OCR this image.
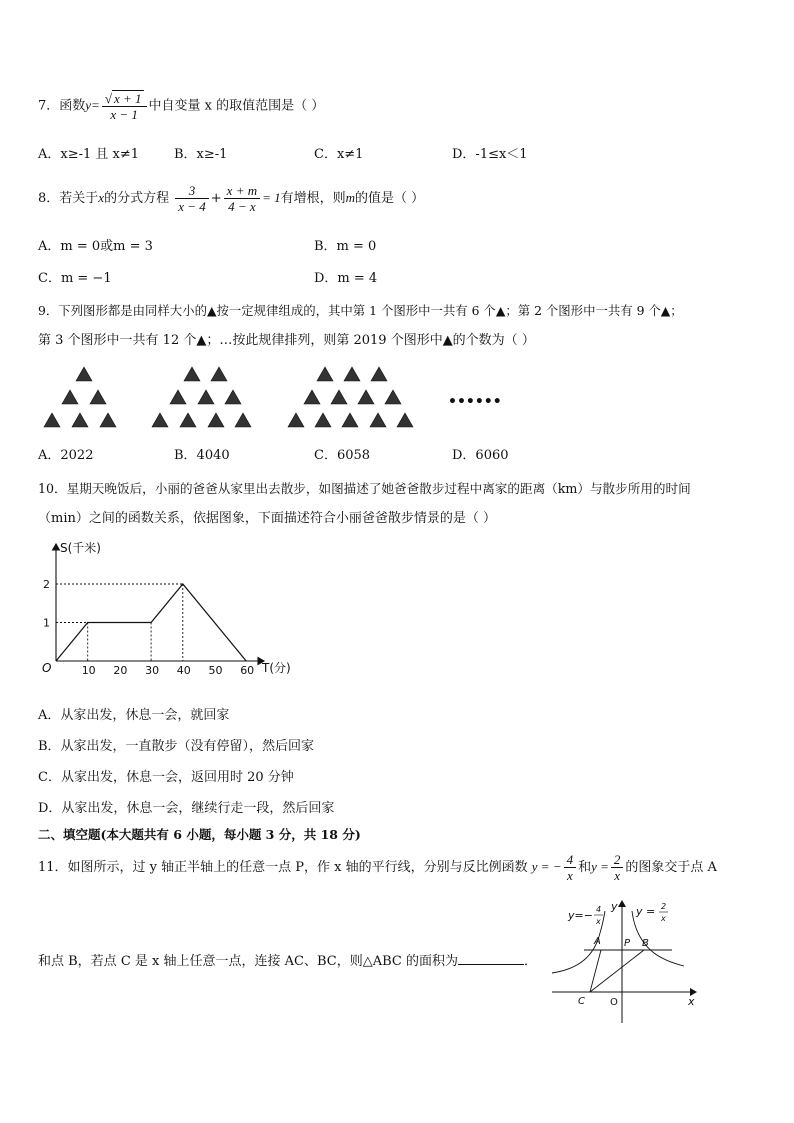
7．函数$y= \frac{√ x + 1}{x - 1}$ 中自变量 x 的取值范围是（ ）
A．x≥-1 且 x≠1	B．x≥-1	C．x≠1	D．-1≤x＜1
8．若关于x的分式方程 $\frac{3}{x - 4} + \frac{x + m}{4 - x} = 1$有增根，则m的值是（ ）
A．m = 0或m = 3	B．m = 0
C．m = −1	D．m = 4
9．下列图形都是由同样大小的▲按一定规律组成的，其中第 1 个图形中一共有 6 个▲；第 2 个图形中一共有 9 个▲；
第 3 个图形中一共有 12 个▲；…按此规律排列，则第 2019 个图形中▲的个数为（ ）
••••••
A．2022	B．4040	C．6058	D．6060
10．星期天晚饭后，小丽的爸爸从家里出去散步，如图描述了她爸爸散步过程中离家的距离（km）与散步所用的时间
（min）之间的函数关系，依据图象，下面描述符合小丽爸爸散步情景的是（ ）
S(千米)
T(分)
O	10 20 30 40 50 60
1
2
A．从家出发，休息一会，就回家
B．从家出发，一直散步（没有停留），然后回家
C．从家出发，休息一会，返回用时 20 分钟
D．从家出发，休息一会，继续行走一段，然后回家
二、填空题(本大题共有 6 小题，每小题 3 分，共 18 分)
11．如图所示，过 y 轴正半轴上的任意一点 P，作 x 轴的平行线，分别与反比例函数 y = − $\frac{4}{x}$ 和$y = \frac{2}{x}$ 的图象交于点 A
和点 B，若点 C 是 x 轴上任意一点，连接 AC、BC，则△ABC 的面积为	．
y=− 4
x
y y = 2
x
A P B
C	O	x
